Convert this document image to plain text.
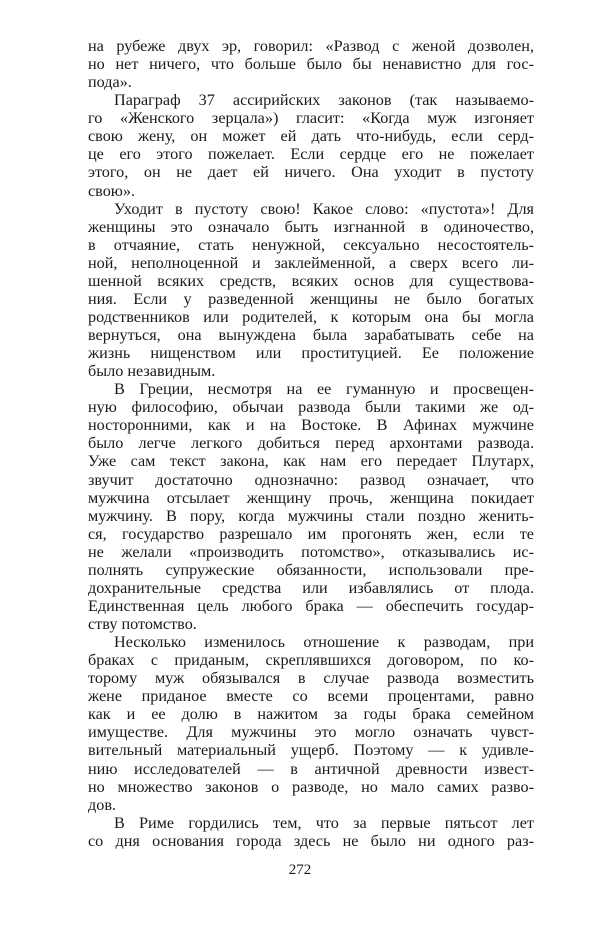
на рубеже двух эр, говорил: «Развод с женой дозволен,
но нет ничего, что больше было бы ненавистно для гос-
пода».
Параграф 37 ассирийских законов (так называемо-
го «Женского зерцала») гласит: «Когда муж изгоняет
свою жену, он может ей дать что-нибудь, если серд-
це его этого пожелает. Если сердце его не пожелает
этого, он не дает ей ничего. Она уходит в пустоту
свою».
Уходит в пустоту свою! Какое слово: «пустота»! Для
женщины это означало быть изгнанной в одиночество,
в отчаяние, стать ненужной, сексуально несостоятель-
ной, неполноценной и заклейменной, а сверх всего ли-
шенной всяких средств, всяких основ для существова-
ния. Если у разведенной женщины не было богатых
родственников или родителей, к которым она бы могла
вернуться, она вынуждена была зарабатывать себе на
жизнь нищенством или проституцией. Ее положение
было незавидным.
В Греции, несмотря на ее гуманную и просвещен-
ную философию, обычаи развода были такими же од-
носторонними, как и на Востоке. В Афинах мужчине
было легче легкого добиться перед архонтами развода.
Уже сам текст закона, как нам его передает Плутарх,
звучит достаточно однозначно: развод означает, что
мужчина отсылает женщину прочь, женщина покидает
мужчину. В пору, когда мужчины стали поздно женить-
ся, государство разрешало им прогонять жен, если те
не желали «производить потомство», отказывались ис-
полнять супружеские обязанности, использовали пре-
дохранительные средства или избавлялись от плода.
Единственная цель любого брака — обеспечить государ-
ству потомство.
Несколько изменилось отношение к разводам, при
браках с приданым, скреплявшихся договором, по ко-
торому муж обязывался в случае развода возместить
жене приданое вместе со всеми процентами, равно
как и ее долю в нажитом за годы брака семейном
имуществе. Для мужчины это могло означать чувст-
вительный материальный ущерб. Поэтому — к удивле-
нию исследователей — в античной древности извест-
но множество законов о разводе, но мало самих разво-
дов.
В Риме гордились тем, что за первые пятьсот лет
со дня основания города здесь не было ни одного раз-
272
